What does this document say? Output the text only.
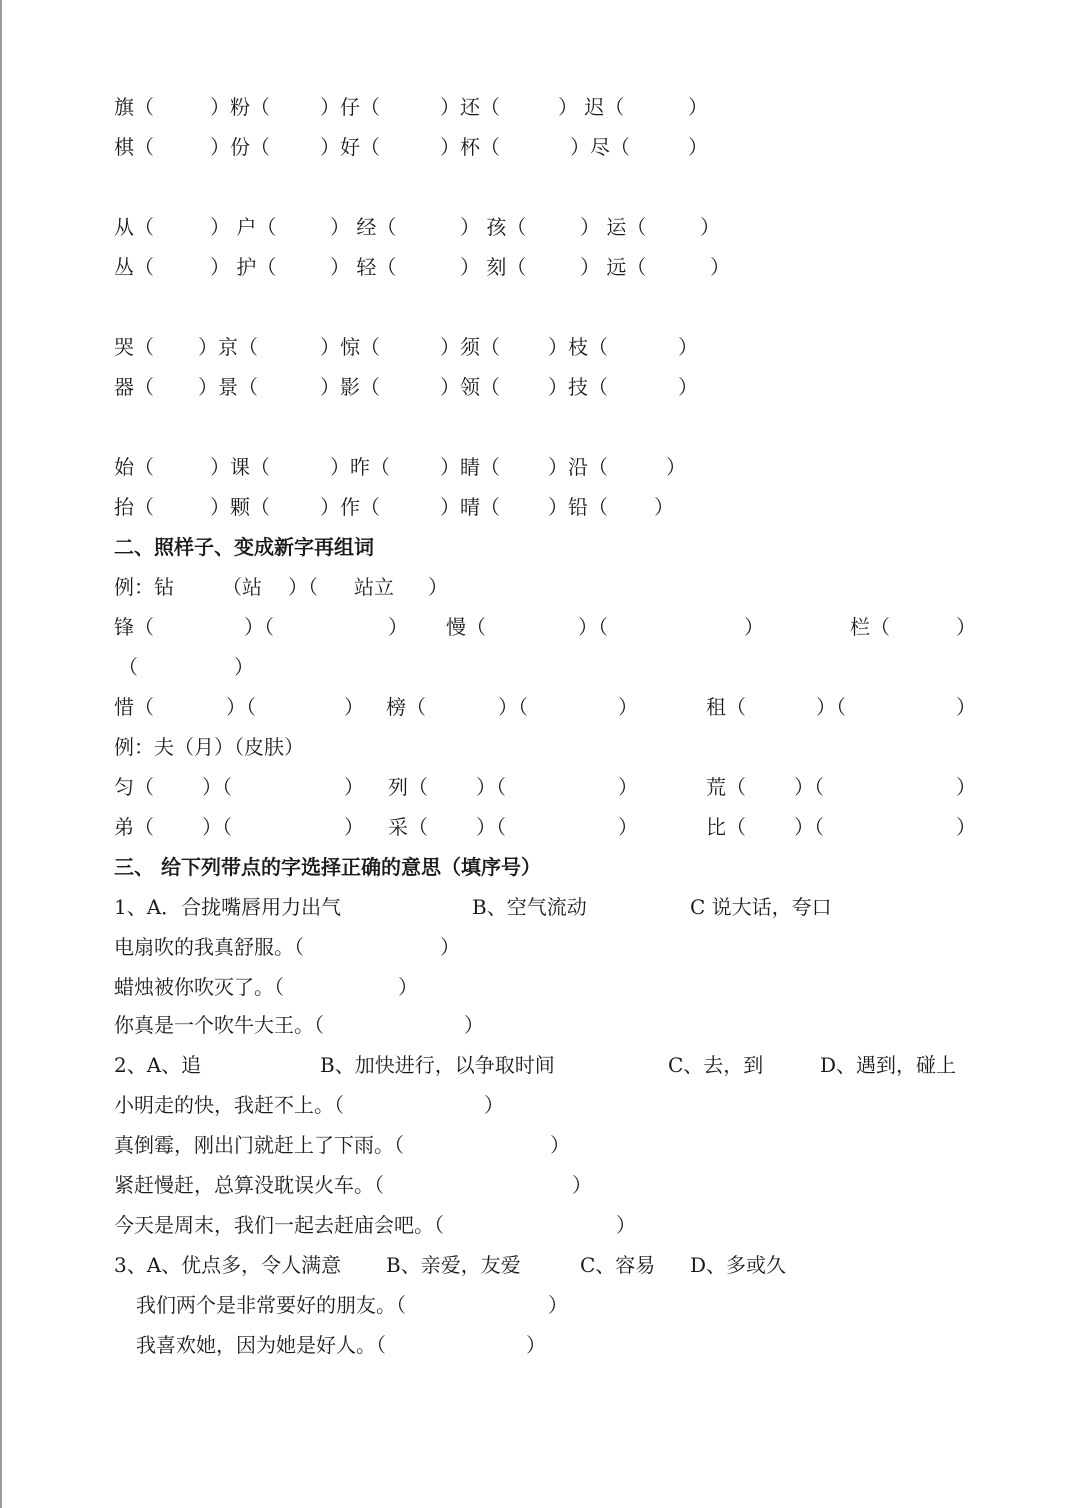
旗（	）粉（	）仔（	）还（	） 迟（	）
棋（	）份（	）好（	）杯（	）尽（	）
从（	） 户（	） 经（	） 孩（	） 运（	）
丛（	） 护（	） 轻（	） 刻（	） 远（	）
哭（ ）京（	）惊（	）须（ ）枝（	）
器（ ）景（	）影（	）领（ ）技（	）
始（	）课（	）昨（	）睛（ ）沿（	）
抬（	）颗（	）作（	）晴（ ）铅（ ）
二、照样子、变成新字再组词
例：钻 （站 ）（ 站立 ）
锋（	）（	） 慢（	）（	）	栏（	）
（	）
惜（	）（	） 榜（	）（	）	租（	）（	）
例：夫（月）（皮肤）
匀（ ）（	） 列（ ）（	）	荒（ ）（	）
弟（ ）（	） 采（ ）（	）	比（ ）（	）
三、 给下列带点的字选择正确的意思（填序号）
1、A．合拢嘴唇用力出气	B、空气流动	C 说大话，夸口
电扇吹的我真舒服。（	）
蜡烛被你吹灭了。（	）
你真是一个吹牛大王。（	）
2、A、追	B、加快进行，以争取时间	C、去，到	D、遇到，碰上
小明走的快，我赶不上。（	）
真倒霉，刚出门就赶上了下雨。（	）
紧赶慢赶，总算没耽误火车。（	）
今天是周末，我们一起去赶庙会吧。（	）
3、A、优点多，令人满意 B、亲爱，友爱	C、容易 D、多或久
我们两个是非常要好的朋友。（	）
我喜欢她，因为她是好人。（	）
